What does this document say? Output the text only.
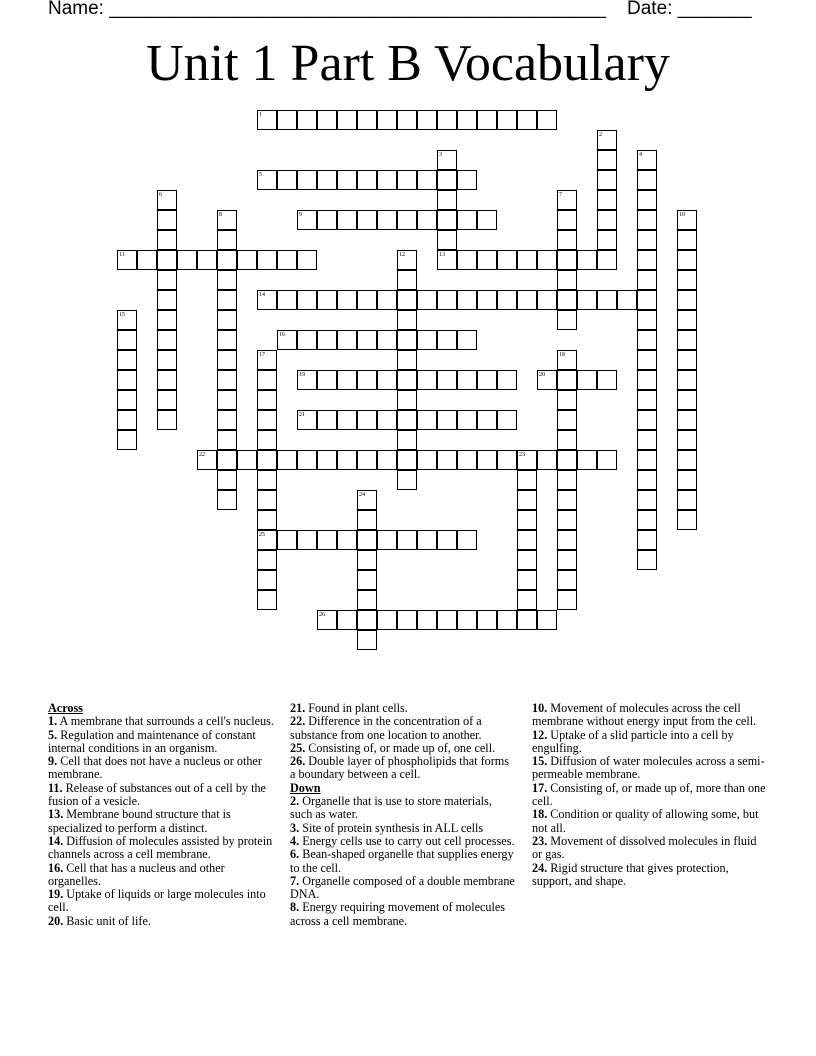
Name: _______________________________________________ Date: _______
Unit 1 Part B Vocabulary
1
2
3	4
5
6	7
8	9	10
11	12	13
14
15
16
17	18
19	20
21
22	23
24
25
26
Across
1. A membrane that surrounds a cell's nucleus.
5. Regulation and maintenance of constant internal conditions in an organism.
9. Cell that does not have a nucleus or other membrane.
11. Release of substances out of a cell by the fusion of a vesicle.
13. Membrane bound structure that is specialized to perform a distinct.
14. Diffusion of molecules assisted by protein channels across a cell membrane.
16. Cell that has a nucleus and other organelles.
19. Uptake of liquids or large molecules into cell.
20. Basic unit of life.
21. Found in plant cells.
22. Difference in the concentration of a substance from one location to another.
25. Consisting of, or made up of, one cell.
26. Double layer of phospholipids that forms a boundary between a cell.
Down
2. Organelle that is use to store materials, such as water.
3. Site of protein synthesis in ALL cells
4. Energy cells use to carry out cell processes.
6. Bean-shaped organelle that supplies energy to the cell.
7. Organelle composed of a double membrane DNA.
8. Energy requiring movement of molecules across a cell membrane.
10. Movement of molecules across the cell membrane without energy input from the cell.
12. Uptake of a slid particle into a cell by engulfing.
15. Diffusion of water molecules across a semi-permeable membrane.
17. Consisting of, or made up of, more than one cell.
18. Condition or quality of allowing some, but not all.
23. Movement of dissolved molecules in fluid or gas.
24. Rigid structure that gives protection, support, and shape.
